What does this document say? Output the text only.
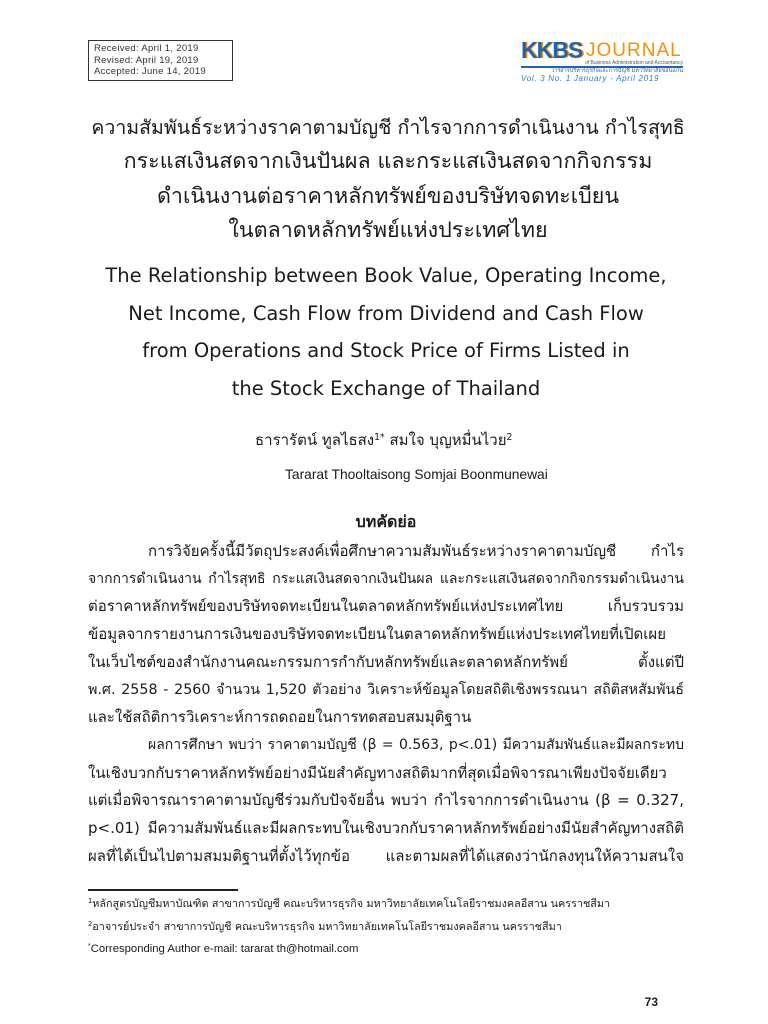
Received: April 1, 2019
Revised: April 19, 2019
Accepted: June 14, 2019
KKBS JOURNAL
of Business Administration and Accountancy
วารสารบริหารธุรกิจและการบัญชี มหาวิทยาลัยขอนแก่น
Vol. 3 No. 1 January - April 2019
ความสัมพันธ์ระหว่างราคาตามบัญชี กำไรจากการดำเนินงาน กำไรสุทธิ
กระแสเงินสดจากเงินปันผล และกระแสเงินสดจากกิจกรรม
ดำเนินงานต่อราคาหลักทรัพย์ของบริษัทจดทะเบียน
ในตลาดหลักทรัพย์แห่งประเทศไทย
The Relationship between Book Value, Operating Income,
Net Income, Cash Flow from Dividend and Cash Flow
from Operations and Stock Price of Firms Listed in
the Stock Exchange of Thailand
ธารารัตน์ ทูลไธสง$^{1*}$ สมใจ บุญหมื่นไวย$^2$
Tararat Thooltaisong Somjai Boonmunewai
บทคัดย่อ
การวิจัยครั้งนี้มีวัตถุประสงค์เพื่อศึกษาความสัมพันธ์ระหว่างราคาตามบัญชี กำไร
จากการดำเนินงาน กำไรสุทธิ กระแสเงินสดจากเงินปันผล และกระแสเงินสดจากกิจกรรมดำเนินงาน
ต่อราคาหลักทรัพย์ของบริษัทจดทะเบียนในตลาดหลักทรัพย์แห่งประเทศไทย เก็บรวบรวม
ข้อมูลจากรายงานการเงินของบริษัทจดทะเบียนในตลาดหลักทรัพย์แห่งประเทศไทยที่เปิดเผย
ในเว็บไซต์ของสำนักงานคณะกรรมการกำกับหลักทรัพย์และตลาดหลักทรัพย์ ตั้งแต่ปี
พ.ศ. 2558 - 2560 จำนวน 1,520 ตัวอย่าง วิเคราะห์ข้อมูลโดยสถิติเชิงพรรณนา สถิติสหสัมพันธ์
และใช้สถิติการวิเคราะห์การถดถอยในการทดสอบสมมุติฐาน
ผลการศึกษา พบว่า ราคาตามบัญชี (β = 0.563, p<.01) มีความสัมพันธ์และมีผลกระทบ
ในเชิงบวกกับราคาหลักทรัพย์อย่างมีนัยสำคัญทางสถิติมากที่สุดเมื่อพิจารณาเพียงปัจจัยเดียว
แต่เมื่อพิจารณาราคาตามบัญชีร่วมกับปัจจัยอื่น พบว่า กำไรจากการดำเนินงาน (β = 0.327,
p<.01) มีความสัมพันธ์และมีผลกระทบในเชิงบวกกับราคาหลักทรัพย์อย่างมีนัยสำคัญทางสถิติ
ผลที่ได้เป็นไปตามสมมติฐานที่ตั้งไว้ทุกข้อ และตามผลที่ได้แสดงว่านักลงทุนให้ความสนใจ
$^1$หลักสูตรบัญชีมหาบัณฑิต สาขาการบัญชี คณะบริหารธุรกิจ มหาวิทยาลัยเทคโนโลยีราชมงคลอีสาน นครราชสีมา
$^2$อาจารย์ประจำ สาขาการบัญชี คณะบริหารธุรกิจ มหาวิทยาลัยเทคโนโลยีราชมงคลอีสาน นครราชสีมา
*Corresponding Author e-mail: tararat th@hotmail.com
73
